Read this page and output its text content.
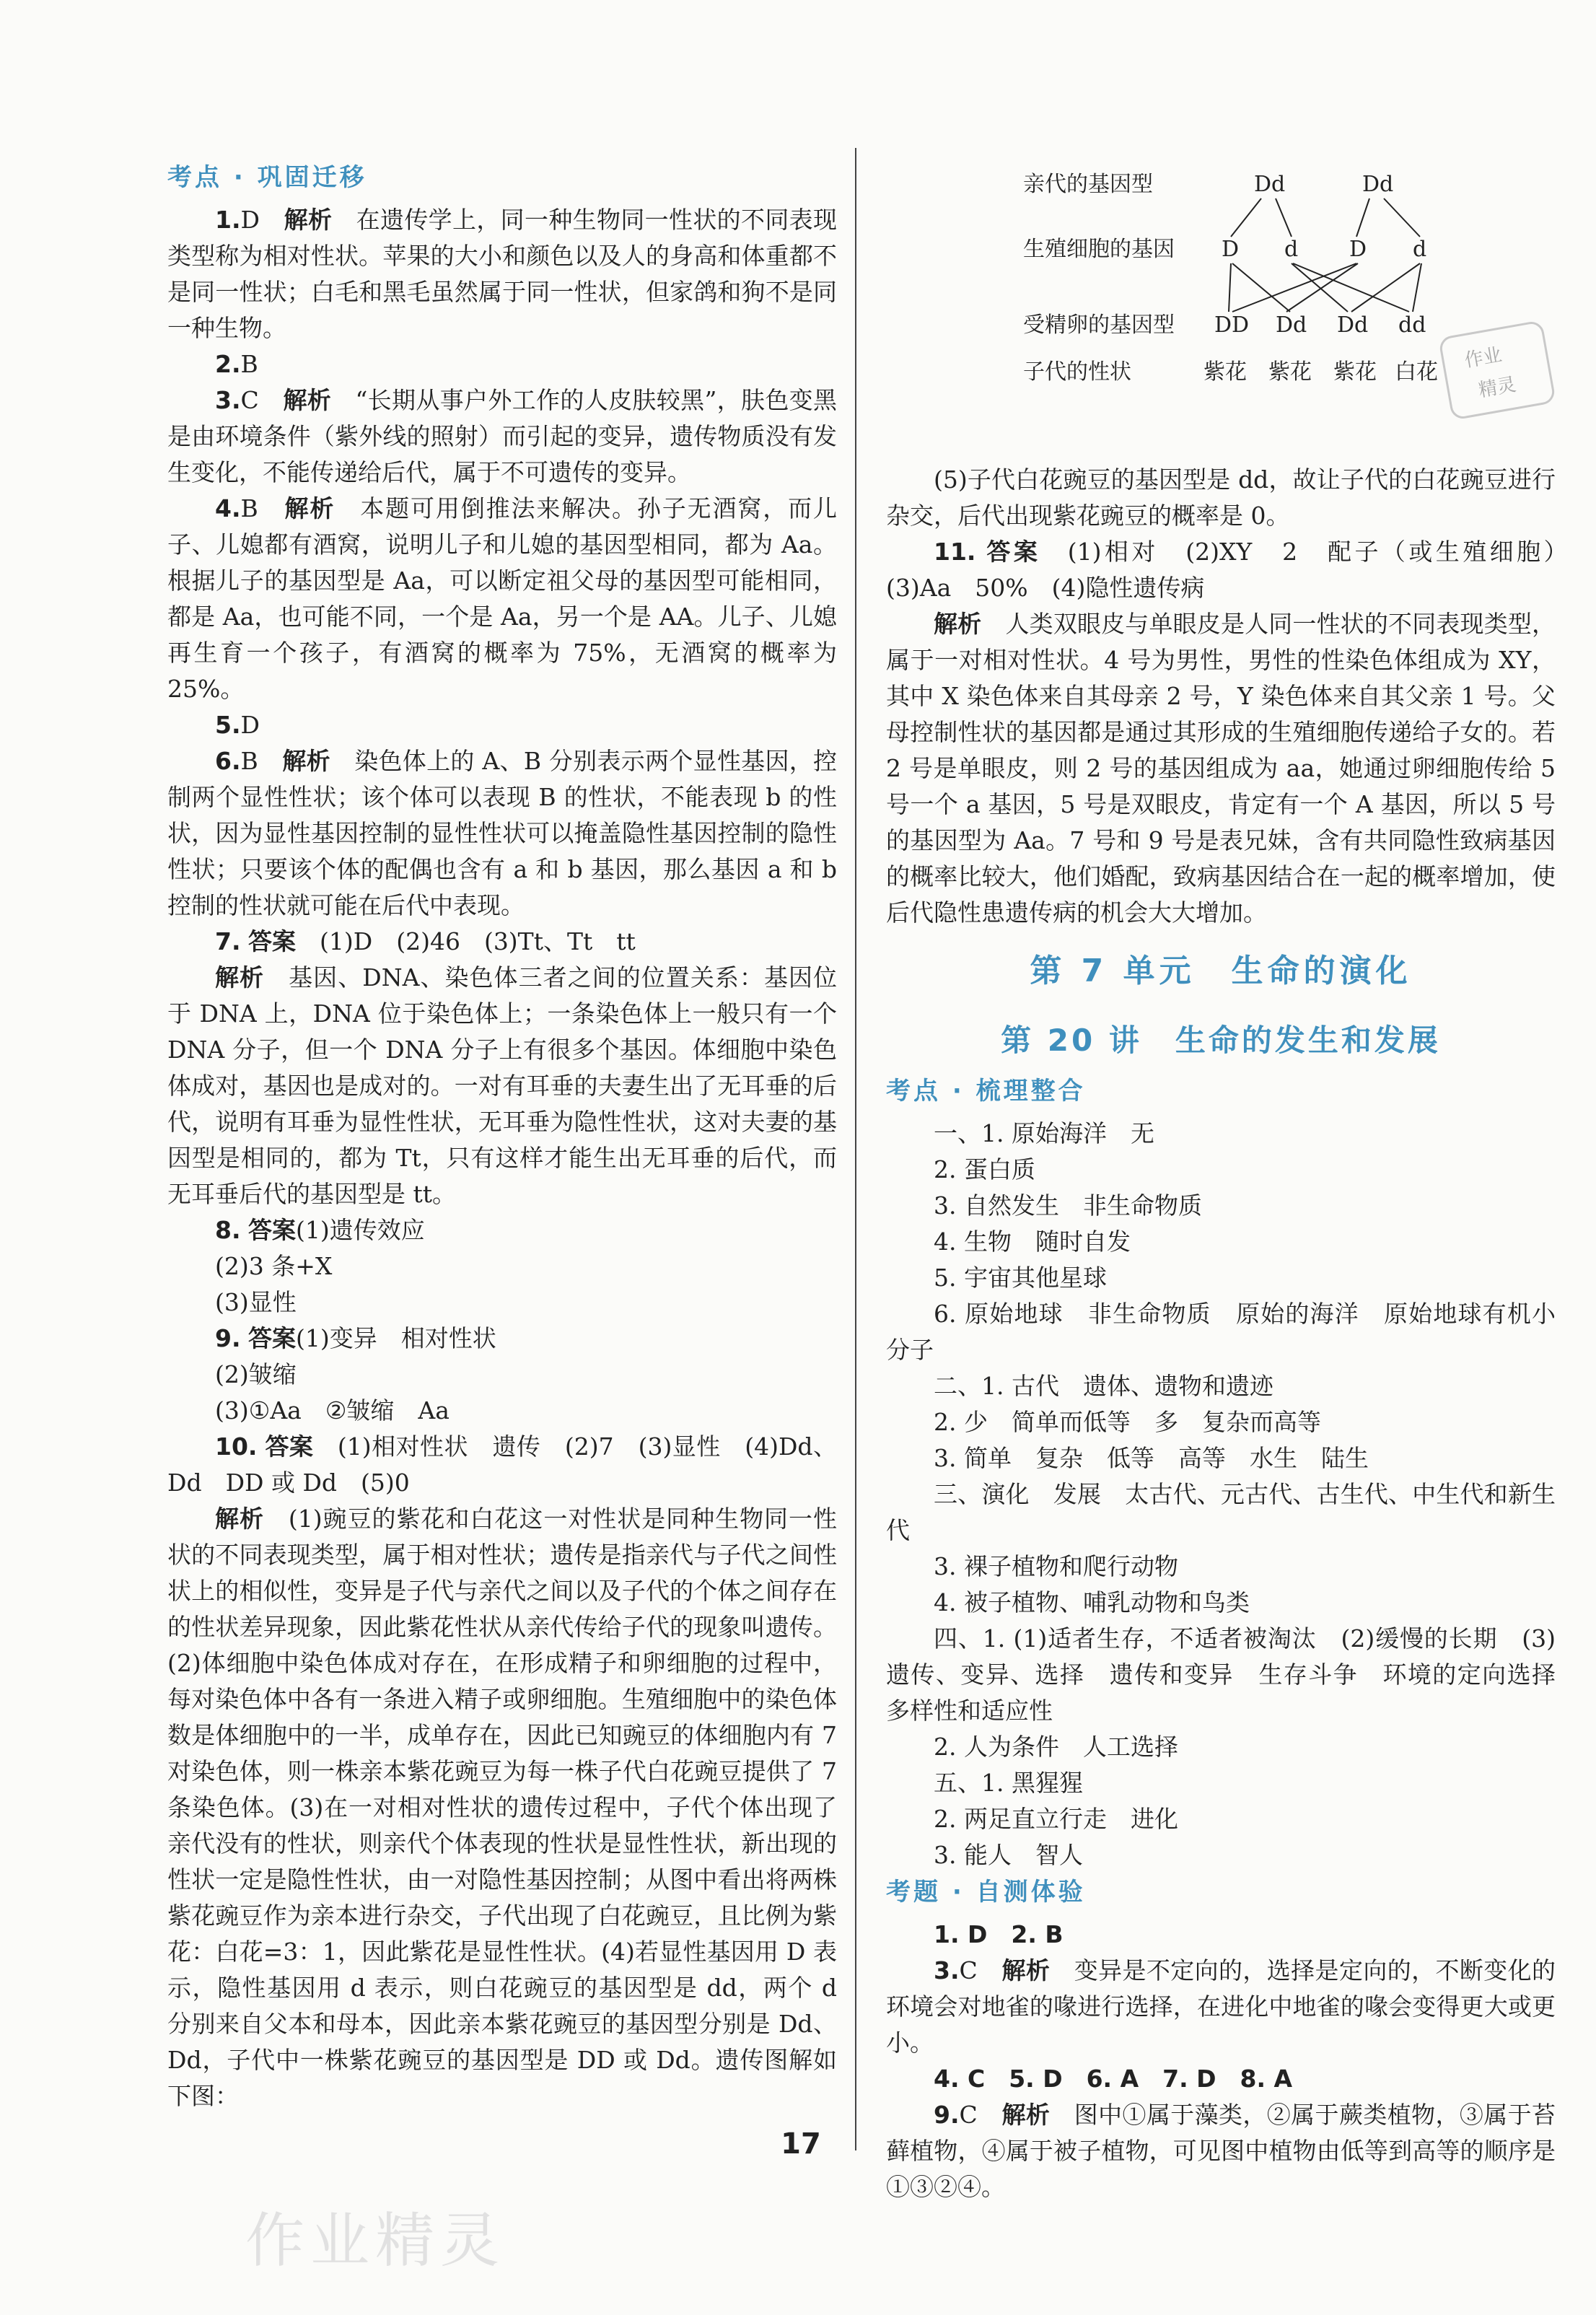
考点 · 巩固迁移

1.D　 解析　 在遗传学上，同一种生物同一性状的不同表现类型称为相对性状。苹果的大小和颜色以及人的身高和体重都不是同一性状；白毛和黑毛虽然属于同一性状，但家鸽和狗不是同一种生物。

2.B

3.C　 解析　 “长期从事户外工作的人皮肤较黑”，肤色变黑是由环境条件（紫外线的照射）而引起的变异，遗传物质没有发生变化，不能传递给后代，属于不可遗传的变异。

4.B　 解析　 本题可用倒推法来解决。孙子无酒窝，而儿子、儿媳都有酒窝，说明儿子和儿媳的基因型相同，都为 Aa。根据儿子的基因型是 Aa，可以断定祖父母的基因型可能相同，都是 Aa，也可能不同，一个是 Aa，另一个是 AA。儿子、儿媳再生育一个孩子，有酒窝的概率为 75%，无酒窝的概率为 25%。

5.D

6.B　 解析　 染色体上的 A、B 分别表示两个显性基因，控制两个显性性状；该个体可以表现 B 的性状，不能表现 b 的性状，因为显性基因控制的显性性状可以掩盖隐性基因控制的隐性性状；只要该个体的配偶也含有 a 和 b 基因，那么基因 a 和 b 控制的性状就可能在后代中表现。

7. 答案　 (1)D　(2)46　(3)Tt、Tt　tt

解析　 基因、DNA、染色体三者之间的位置关系：基因位于 DNA 上，DNA 位于染色体上；一条染色体上一般只有一个 DNA 分子，但一个 DNA 分子上有很多个基因。体细胞中染色体成对，基因也是成对的。一对有耳垂的夫妻生出了无耳垂的后代，说明有耳垂为显性性状，无耳垂为隐性性状，这对夫妻的基因型是相同的，都为 Tt，只有这样才能生出无耳垂的后代，而无耳垂后代的基因型是 tt。

8. 答案(1)遗传效应

(2)3 条+X

(3)显性

9. 答案(1)变异　相对性状

(2)皱缩

(3)①Aa　②皱缩　Aa

10. 答案　 (1)相对性状　遗传　(2)7　(3)显性　(4)Dd、Dd　DD 或 Dd　(5)0

解析　 (1)豌豆的紫花和白花这一对性状是同种生物同一性状的不同表现类型，属于相对性状；遗传是指亲代与子代之间性状上的相似性，变异是子代与亲代之间以及子代的个体之间存在的性状差异现象，因此紫花性状从亲代传给子代的现象叫遗传。(2)体细胞中染色体成对存在，在形成精子和卵细胞的过程中，每对染色体中各有一条进入精子或卵细胞。生殖细胞中的染色体数是体细胞中的一半，成单存在，因此已知豌豆的体细胞内有 7 对染色体，则一株亲本紫花豌豆为每一株子代白花豌豆提供了 7 条染色体。(3)在一对相对性状的遗传过程中，子代个体出现了亲代没有的性状，则亲代个体表现的性状是显性性状，新出现的性状一定是隐性性状，由一对隐性基因控制；从图中看出将两株紫花豌豆作为亲本进行杂交，子代出现了白花豌豆，且比例为紫花：白花=3：1，因此紫花是显性性状。(4)若显性基因用 D 表示，隐性基因用 d 表示，则白花豌豆的基因型是 dd，两个 d 分别来自父本和母本，因此亲本紫花豌豆的基因型分别是 Dd、Dd，子代中一株紫花豌豆的基因型是 DD 或 Dd。遗传图解如下图：

亲代的基因型
生殖细胞的基因
受精卵的基因型
子代的性状
Dd	Dd
D d D d
DD Dd Dd dd
紫花 紫花 紫花 白花

(5)子代白花豌豆的基因型是 dd，故让子代的白花豌豆进行杂交，后代出现紫花豌豆的概率是 0。

11. 答案　 (1)相对　(2)XY　2　配子（或生殖细胞）　(3)Aa　50%　(4)隐性遗传病

解析　 人类双眼皮与单眼皮是人同一性状的不同表现类型，属于一对相对性状。4 号为男性，男性的性染色体组成为 XY，其中 X 染色体来自其母亲 2 号，Y 染色体来自其父亲 1 号。父母控制性状的基因都是通过其形成的生殖细胞传递给子女的。若 2 号是单眼皮，则 2 号的基因组成为 aa，她通过卵细胞传给 5 号一个 a 基因，5 号是双眼皮，肯定有一个 A 基因，所以 5 号的基因型为 Aa。7 号和 9 号是表兄妹，含有共同隐性致病基因的概率比较大，他们婚配，致病基因结合在一起的概率增加，使后代隐性患遗传病的机会大大增加。

第 7 单元　生命的演化
第 20 讲　生命的发生和发展
考点 · 梳理整合

一、1. 原始海洋　无

2. 蛋白质

3. 自然发生　非生命物质

4. 生物　随时自发

5. 宇宙其他星球

6. 原始地球　非生命物质　原始的海洋　原始地球有机小分子

二、1. 古代　遗体、遗物和遗迹

2. 少　简单而低等　多　复杂而高等

3. 简单　复杂　低等　高等　水生　陆生

三、演化　发展　太古代、元古代、古生代、中生代和新生代

3. 裸子植物和爬行动物

4. 被子植物、哺乳动物和鸟类

四、1. (1)适者生存，不适者被淘汰　(2)缓慢的长期　(3)遗传、变异、选择　遗传和变异　生存斗争　环境的定向选择　多样性和适应性

2. 人为条件　人工选择

五、1. 黑猩猩

2. 两足直立行走　进化

3. 能人　智人

考题 · 自测体验

1. D　2. B

3.C　 解析　 变异是不定向的，选择是定向的，不断变化的环境会对地雀的喙进行选择，在进化中地雀的喙会变得更大或更小。

4. C　5. D　6. A　7. D　8. A

9.C　 解析　 图中①属于藻类，②属于蕨类植物，③属于苔藓植物，④属于被子植物，可见图中植物由低等到高等的顺序是①③②④。

作业
精灵
17
作业精灵
